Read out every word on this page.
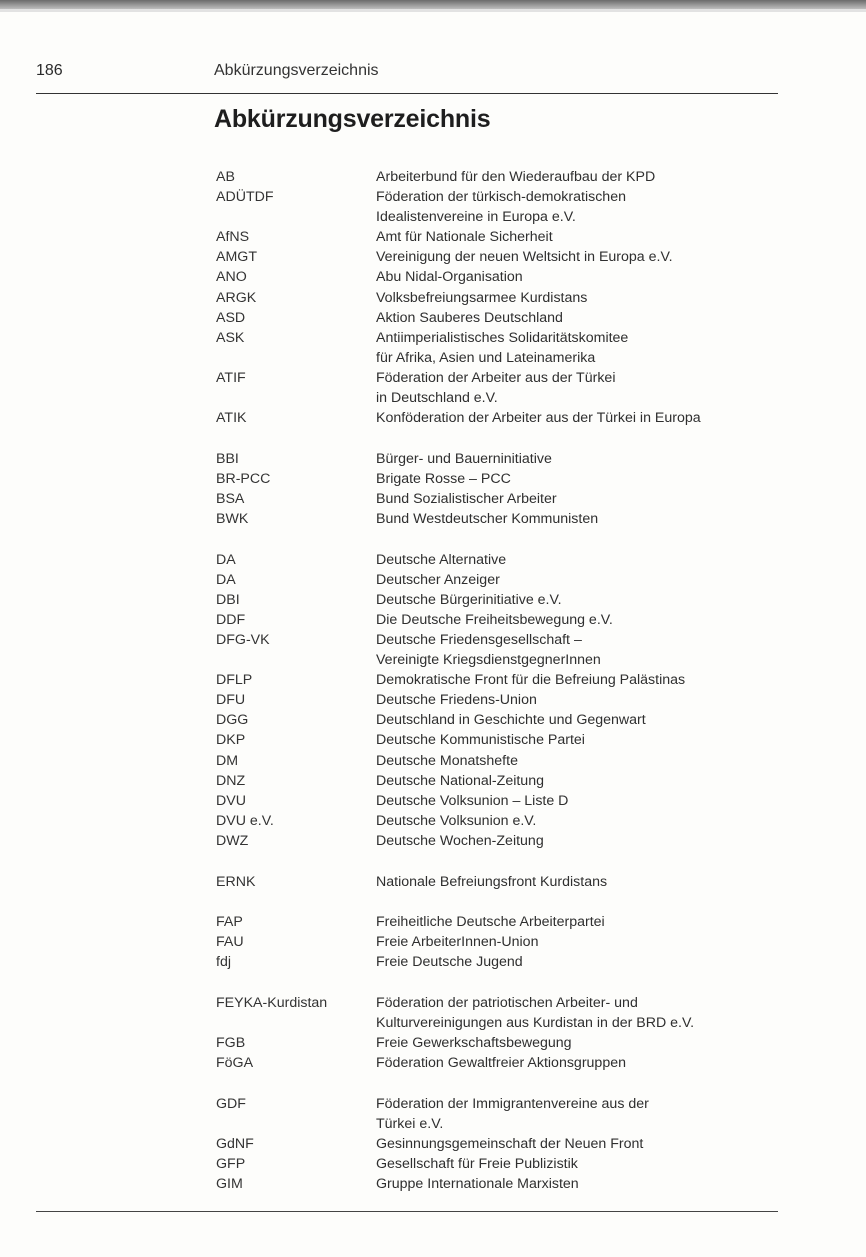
186	Abkürzungsverzeichnis
Abkürzungsverzeichnis
AB	Arbeiterbund für den Wiederaufbau der KPD
ADÜTDF	Föderation der türkisch-demokratischen
Idealistenvereine in Europa e.V.
AfNS	Amt für Nationale Sicherheit
AMGT	Vereinigung der neuen Weltsicht in Europa e.V.
ANO	Abu Nidal-Organisation
ARGK	Volksbefreiungsarmee Kurdistans
ASD	Aktion Sauberes Deutschland
ASK	Antiimperialistisches Solidaritätskomitee
für Afrika, Asien und Lateinamerika
ATIF	Föderation der Arbeiter aus der Türkei
in Deutschland e.V.
ATIK	Konföderation der Arbeiter aus der Türkei in Europa
BBI	Bürger- und Bauerninitiative
BR-PCC	Brigate Rosse – PCC
BSA	Bund Sozialistischer Arbeiter
BWK	Bund Westdeutscher Kommunisten
DA	Deutsche Alternative
DA	Deutscher Anzeiger
DBI	Deutsche Bürgerinitiative e.V.
DDF	Die Deutsche Freiheitsbewegung e.V.
DFG-VK	Deutsche Friedensgesellschaft –
Vereinigte KriegsdienstgegnerInnen
DFLP	Demokratische Front für die Befreiung Palästinas
DFU	Deutsche Friedens-Union
DGG	Deutschland in Geschichte und Gegenwart
DKP	Deutsche Kommunistische Partei
DM	Deutsche Monatshefte
DNZ	Deutsche National-Zeitung
DVU	Deutsche Volksunion – Liste D
DVU e.V.	Deutsche Volksunion e.V.
DWZ	Deutsche Wochen-Zeitung
ERNK	Nationale Befreiungsfront Kurdistans
FAP	Freiheitliche Deutsche Arbeiterpartei
FAU	Freie ArbeiterInnen-Union
fdj	Freie Deutsche Jugend
FEYKA-Kurdistan	Föderation der patriotischen Arbeiter- und
Kulturvereinigungen aus Kurdistan in der BRD e.V.
FGB	Freie Gewerkschaftsbewegung
FöGA	Föderation Gewaltfreier Aktionsgruppen
GDF	Föderation der Immigrantenvereine aus der
Türkei e.V.
GdNF	Gesinnungsgemeinschaft der Neuen Front
GFP	Gesellschaft für Freie Publizistik
GIM	Gruppe Internationale Marxisten
